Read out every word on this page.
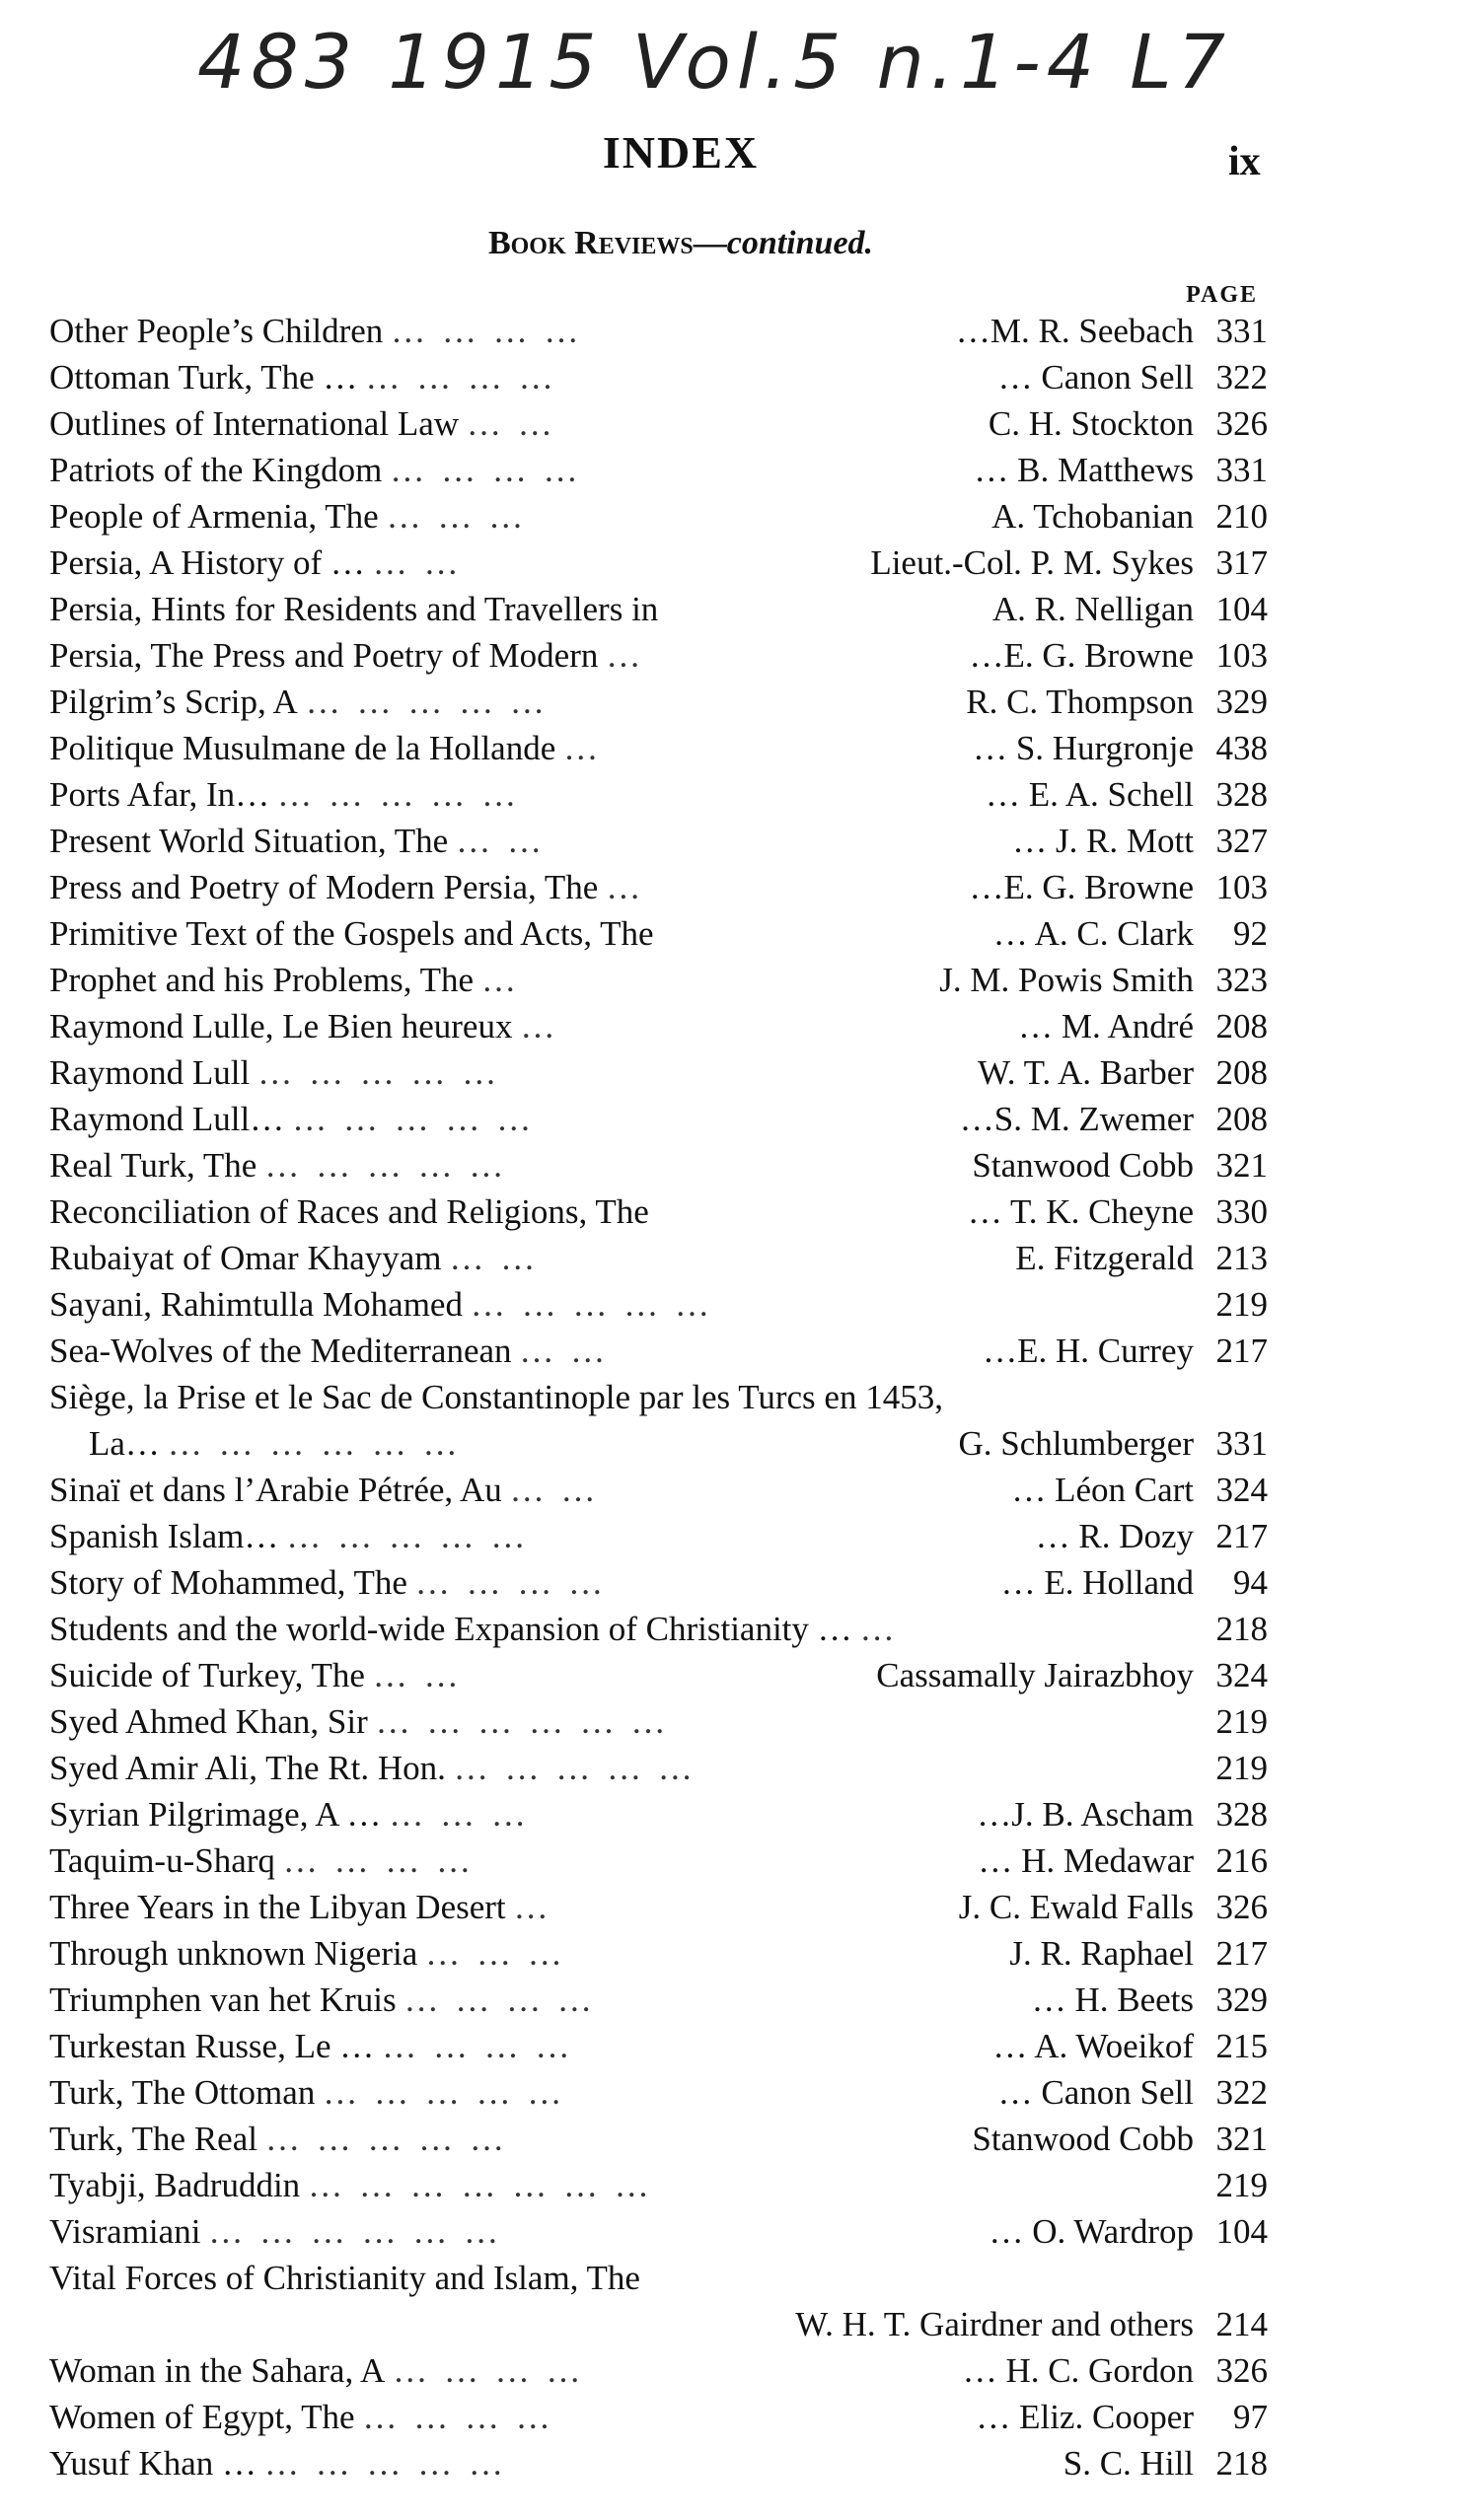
483 1915 Vol.5 n.1-4 L7
INDEX	ix
Book Reviews—continued.
PAGE
Other People’s Children … … … …	…M. R. Seebach 331
Ottoman Turk, The … … … … …	… Canon Sell 322
Outlines of International Law … …	C. H. Stockton 326
Patriots of the Kingdom … … … …	… B. Matthews 331
People of Armenia, The … … …	A. Tchobanian 210
Persia, A History of … … …	Lieut.-Col. P. M. Sykes 317
Persia, Hints for Residents and Travellers in	A. R. Nelligan 104
Persia, The Press and Poetry of Modern …	…E. G. Browne 103
Pilgrim’s Scrip, A … … … … …	R. C. Thompson 329
Politique Musulmane de la Hollande …	… S. Hurgronje 438
Ports Afar, In… … … … … …	… E. A. Schell 328
Present World Situation, The … …	… J. R. Mott 327
Press and Poetry of Modern Persia, The …	…E. G. Browne 103
Primitive Text of the Gospels and Acts, The	… A. C. Clark	92
Prophet and his Problems, The …	J. M. Powis Smith 323
Raymond Lulle, Le Bien heureux …	… M. André 208
Raymond Lull … … … … …	W. T. A. Barber 208
Raymond Lull… … … … … …	…S. M. Zwemer 208
Real Turk, The … … … … …	Stanwood Cobb 321
Reconciliation of Races and Religions, The	… T. K. Cheyne 330
Rubaiyat of Omar Khayyam … …	E. Fitzgerald 213
Sayani, Rahimtulla Mohamed … … … … …	219
Sea-Wolves of the Mediterranean … …	…E. H. Currey 217
Siège, la Prise et le Sac de Constantinople par les Turcs en 1453,
La… … … … … … …	G. Schlumberger 331
Sinaï et dans l’Arabie Pétrée, Au … …	… Léon Cart 324
Spanish Islam… … … … … …	… R. Dozy 217
Story of Mohammed, The … … … …	… E. Holland	94
Students and the world-wide Expansion of Christianity … …	218
Suicide of Turkey, The … …	Cassamally Jairazbhoy 324
Syed Ahmed Khan, Sir … … … … … …	219
Syed Amir Ali, The Rt. Hon. … … … … …	219
Syrian Pilgrimage, A … … … …	…J. B. Ascham 328
Taquim-u-Sharq … … … …	… H. Medawar 216
Three Years in the Libyan Desert …	J. C. Ewald Falls 326
Through unknown Nigeria … … …	J. R. Raphael 217
Triumphen van het Kruis … … … …	… H. Beets 329
Turkestan Russe, Le … … … … …	… A. Woeikof 215
Turk, The Ottoman … … … … …	… Canon Sell 322
Turk, The Real … … … … …	Stanwood Cobb 321
Tyabji, Badruddin … … … … … … …	219
Visramiani … … … … … …	… O. Wardrop 104
Vital Forces of Christianity and Islam, The
W. H. T. Gairdner and others 214
Woman in the Sahara, A … … … …	… H. C. Gordon 326
Women of Egypt, The … … … …	… Eliz. Cooper	97
Yusuf Khan … … … … … …	S. C. Hill 218
